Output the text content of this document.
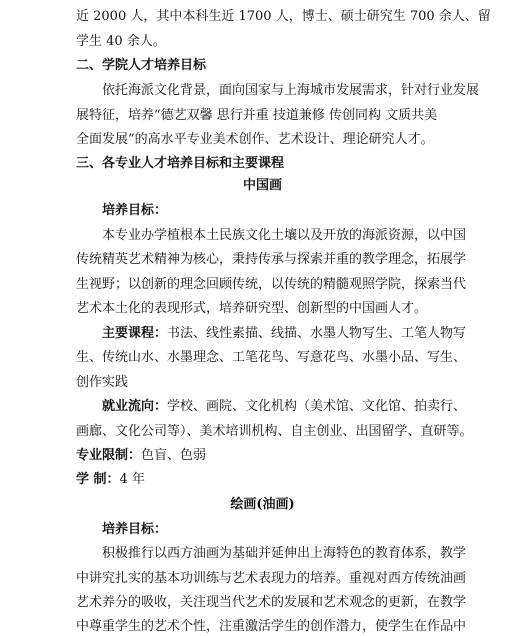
近 2000 人，其中本科生近 1700 人，博士、硕士研究生 700 余人、留
学生 40 余人。
二、学院人才培养目标
依托海派文化背景，面向国家与上海城市发展需求，针对行业发展
展特征，培养“德艺双馨 思行并重 技道兼修 传创同构 文质共美
全面发展”的高水平专业美术创作、艺术设计、理论研究人才。
三、各专业人才培养目标和主要课程
中国画
培养目标：
本专业办学植根本土民族文化土壤以及开放的海派资源，以中国
传统精英艺术精神为核心，秉持传承与探索并重的教学理念，拓展学
生视野；以创新的理念回顾传统，以传统的精髓观照学院，探索当代
艺术本土化的表现形式，培养研究型、创新型的中国画人才。
主要课程：书法、线性素描、线描、水墨人物写生、工笔人物写
生、传统山水、水墨理念、工笔花鸟、写意花鸟、水墨小品、写生、
创作实践
就业流向：学校、画院、文化机构（美术馆、文化馆、拍卖行、
画廊、文化公司等）、美术培训机构、自主创业、出国留学、直研等。
专业限制：色盲、色弱
学 制：4 年
绘画(油画)
培养目标：
积极推行以西方油画为基础并延伸出上海特色的教育体系，教学
中讲究扎实的基本功训练与艺术表现力的培养。重视对西方传统油画
艺术养分的吸收，关注现当代艺术的发展和艺术观念的更新，在教学
中尊重学生的艺术个性，注重激活学生的创作潜力，使学生在作品中
